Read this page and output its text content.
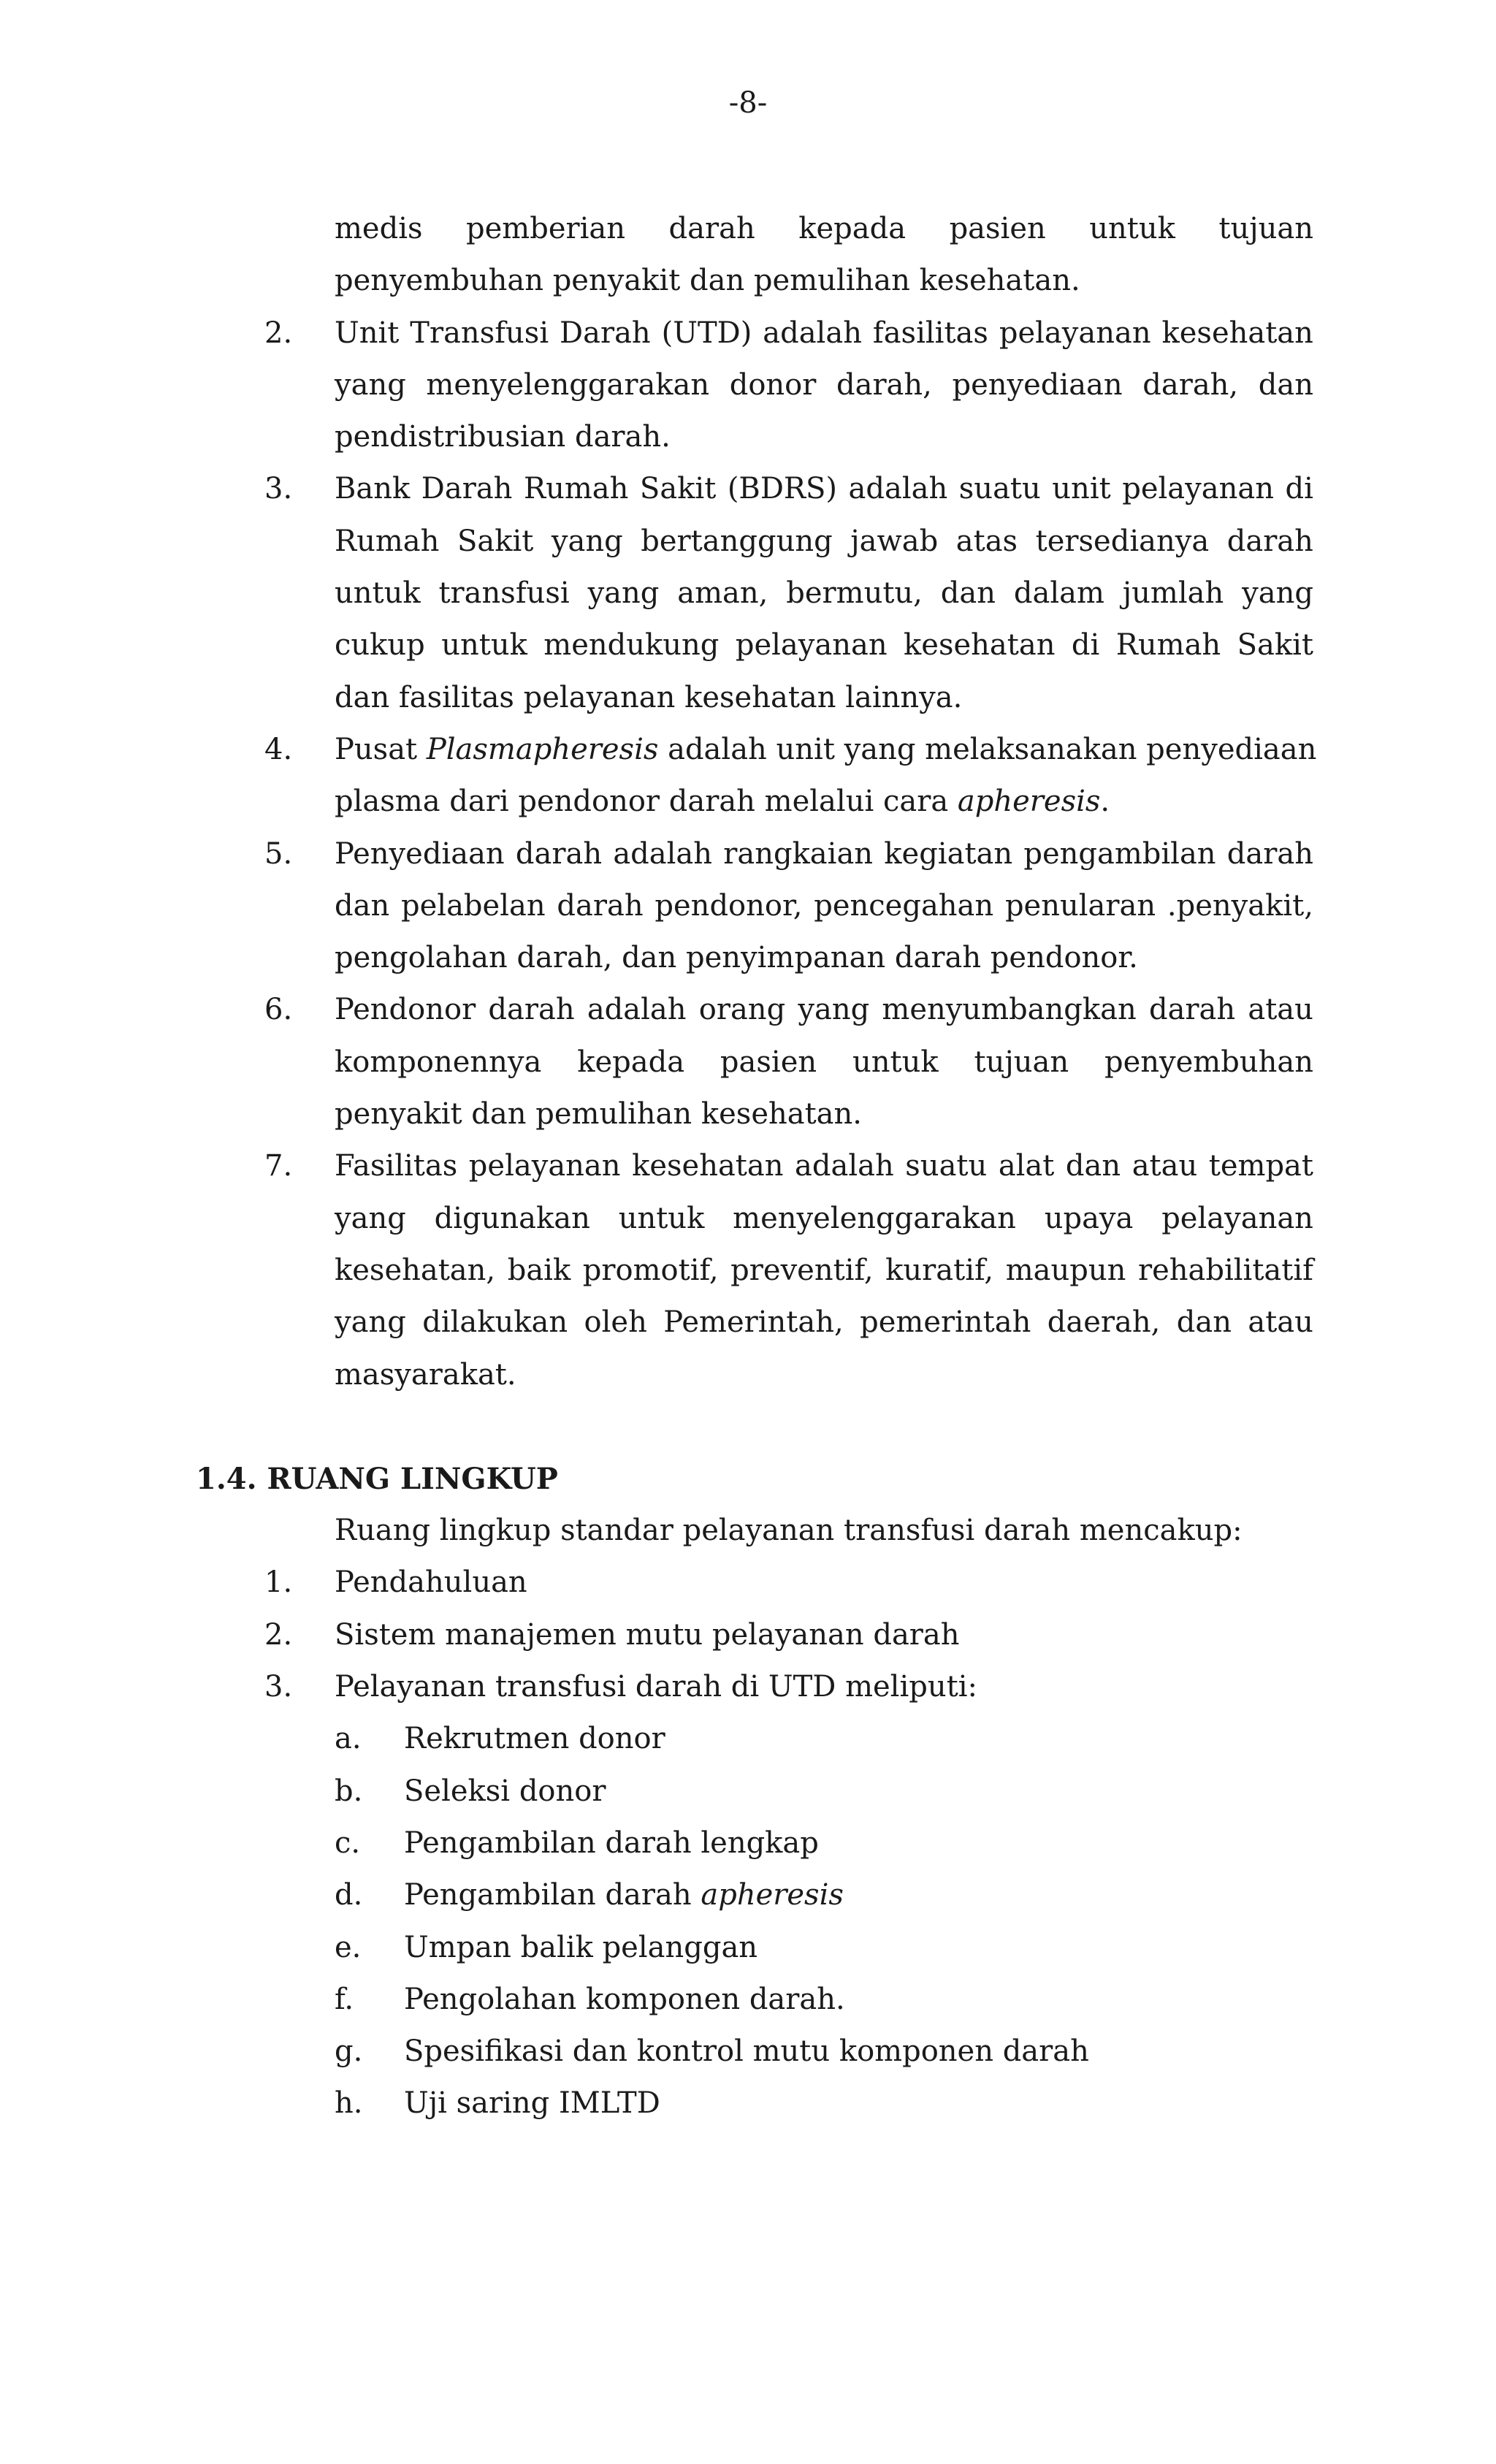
-8-
medis pemberian darah kepada pasien untuk tujuan
penyembuhan penyakit dan pemulihan kesehatan.
2. Unit Transfusi Darah (UTD) adalah fasilitas pelayanan kesehatan
yang menyelenggarakan donor darah, penyediaan darah, dan
pendistribusian darah.
3. Bank Darah Rumah Sakit (BDRS) adalah suatu unit pelayanan di
Rumah Sakit yang bertanggung jawab atas tersedianya darah
untuk transfusi yang aman, bermutu, dan dalam jumlah yang
cukup untuk mendukung pelayanan kesehatan di Rumah Sakit
dan fasilitas pelayanan kesehatan lainnya.
4. Pusat Plasmapheresis adalah unit yang melaksanakan penyediaan
plasma dari pendonor darah melalui cara apheresis.
5. Penyediaan darah adalah rangkaian kegiatan pengambilan darah
dan pelabelan darah pendonor, pencegahan penularan .penyakit,
pengolahan darah, dan penyimpanan darah pendonor.
6. Pendonor darah adalah orang yang menyumbangkan darah atau
komponennya kepada pasien untuk tujuan penyembuhan
penyakit dan pemulihan kesehatan.
7. Fasilitas pelayanan kesehatan adalah suatu alat dan atau tempat
yang digunakan untuk menyelenggarakan upaya pelayanan
kesehatan, baik promotif, preventif, kuratif, maupun rehabilitatif
yang dilakukan oleh Pemerintah, pemerintah daerah, dan atau
masyarakat.
1.4. RUANG LINGKUP
Ruang lingkup standar pelayanan transfusi darah mencakup:
1. Pendahuluan
2. Sistem manajemen mutu pelayanan darah
3. Pelayanan transfusi darah di UTD meliputi:
a. Rekrutmen donor
b. Seleksi donor
c. Pengambilan darah lengkap
d. Pengambilan darah apheresis
e. Umpan balik pelanggan
f. Pengolahan komponen darah.
g. Spesifikasi dan kontrol mutu komponen darah
h. Uji saring IMLTD
